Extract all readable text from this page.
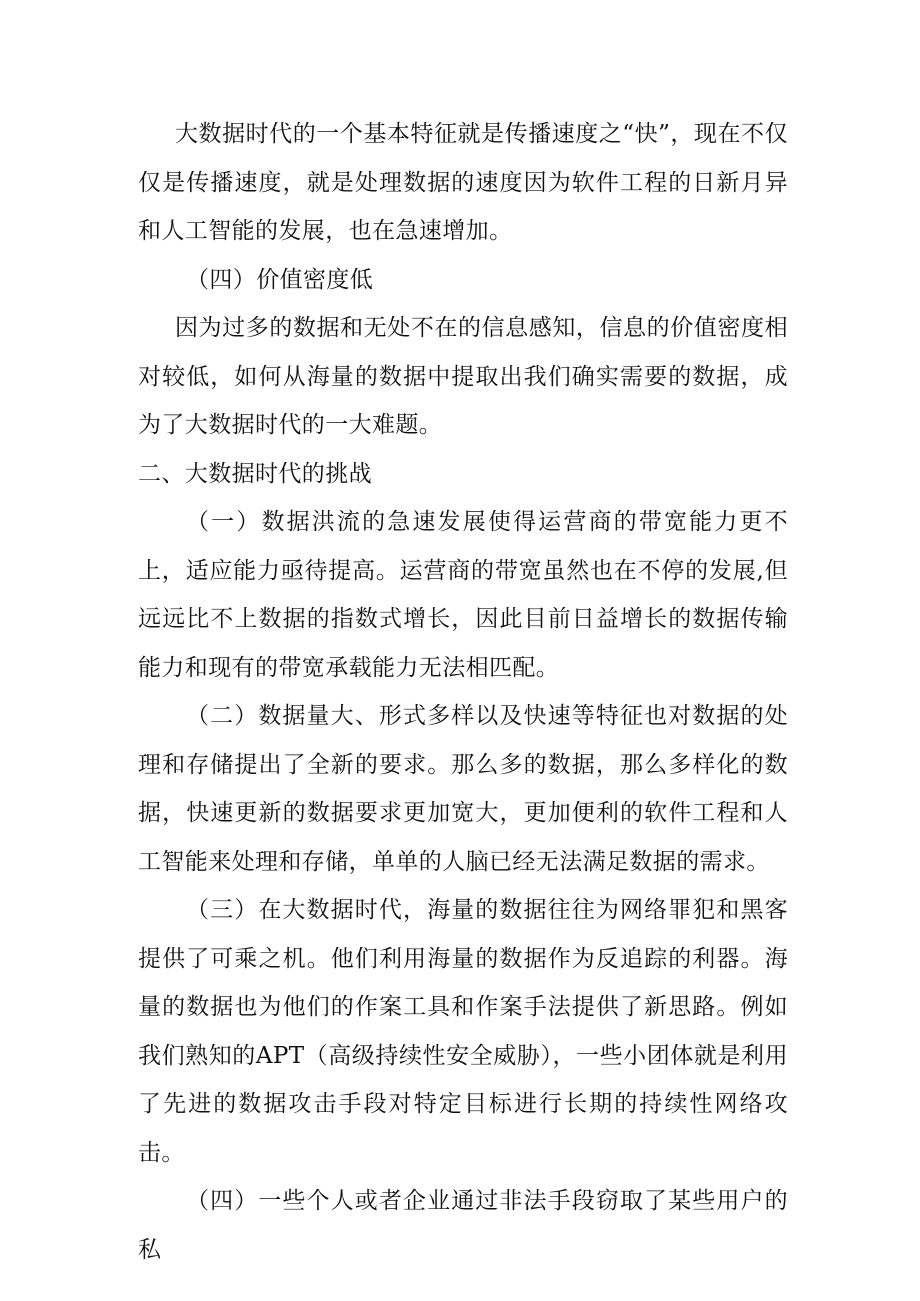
大数据时代的一个基本特征就是传播速度之“快”，现在不仅仅是传播速度，就是处理数据的速度因为软件工程的日新月异和人工智能的发展，也在急速增加。

（四）价值密度低

因为过多的数据和无处不在的信息感知，信息的价值密度相对较低，如何从海量的数据中提取出我们确实需要的数据，成为了大数据时代的一大难题。

二、大数据时代的挑战

（一）数据洪流的急速发展使得运营商的带宽能力更不上，适应能力亟待提高。运营商的带宽虽然也在不停的发展,但远远比不上数据的指数式增长，因此目前日益增长的数据传输能力和现有的带宽承载能力无法相匹配。

（二）数据量大、形式多样以及快速等特征也对数据的处理和存储提出了全新的要求。那么多的数据，那么多样化的数据，快速更新的数据要求更加宽大，更加便利的软件工程和人工智能来处理和存储，单单的人脑已经无法满足数据的需求。

（三）在大数据时代，海量的数据往往为网络罪犯和黑客提供了可乘之机。他们利用海量的数据作为反追踪的利器。海量的数据也为他们的作案工具和作案手法提供了新思路。例如我们熟知的APT（高级持续性安全威胁），一些小团体就是利用了先进的数据攻击手段对特定目标进行长期的持续性网络攻击。

（四）一些个人或者企业通过非法手段窃取了某些用户的私
